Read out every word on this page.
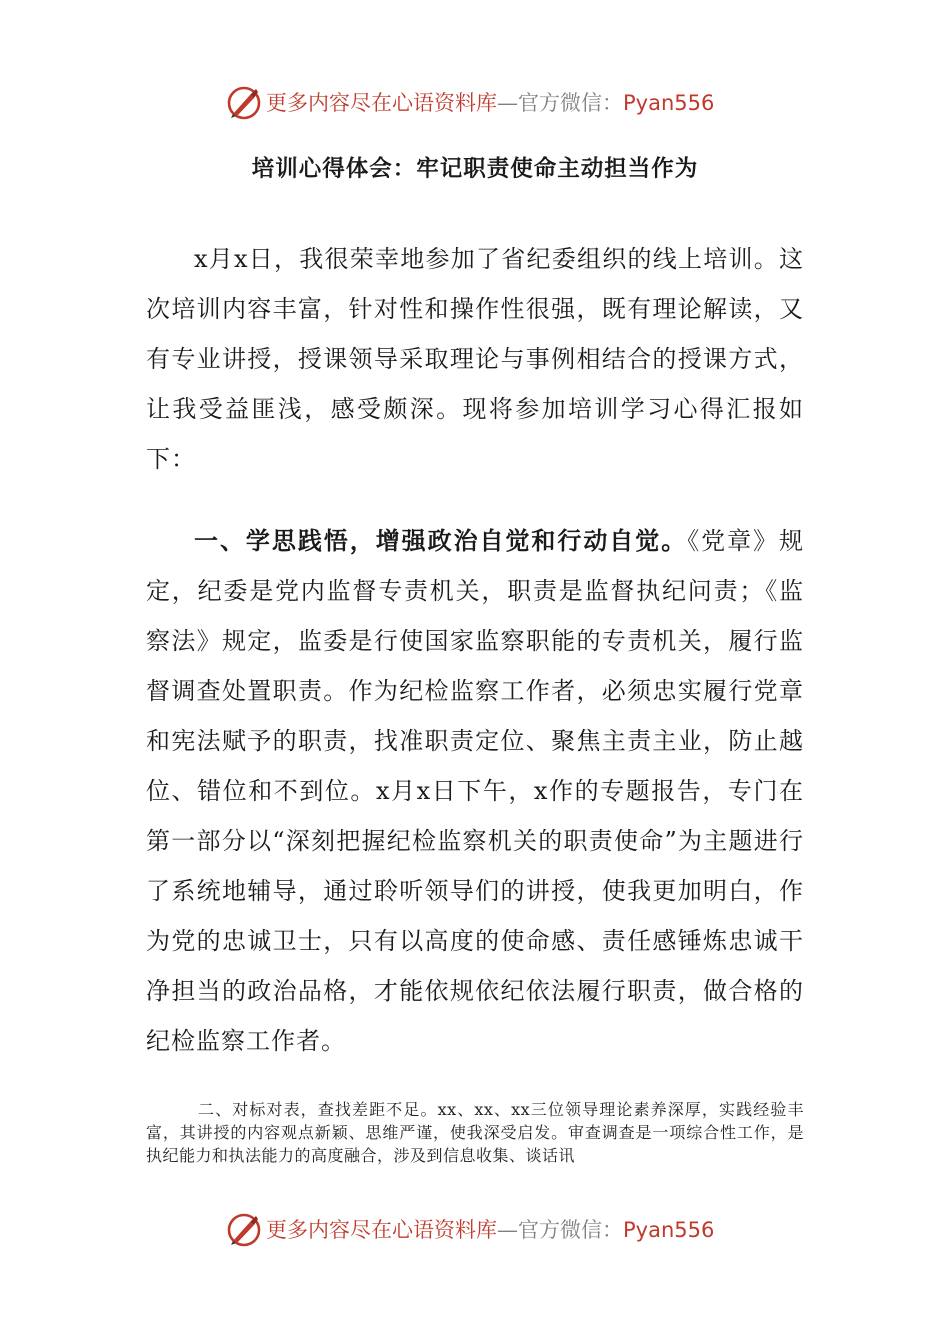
更多内容尽在心语资料库—官方微信：Pyan556
培训心得体会：牢记职责使命主动担当作为

x月x日，我很荣幸地参加了省纪委组织的线上培训。这次培训内容丰富，针对性和操作性很强，既有理论解读，又有专业讲授，授课领导采取理论与事例相结合的授课方式，让我受益匪浅，感受颇深。现将参加培训学习心得汇报如下：

一、学思践悟，增强政治自觉和行动自觉。《党章》规定，纪委是党内监督专责机关，职责是监督执纪问责；《监察法》规定，监委是行使国家监察职能的专责机关，履行监督调查处置职责。作为纪检监察工作者，必须忠实履行党章和宪法赋予的职责，找准职责定位、聚焦主责主业，防止越位、错位和不到位。x月x日下午，x作的专题报告，专门在第一部分以“深刻把握纪检监察机关的职责使命”为主题进行了系统地辅导，通过聆听领导们的讲授，使我更加明白，作为党的忠诚卫士，只有以高度的使命感、责任感锤炼忠诚干净担当的政治品格，才能依规依纪依法履行职责，做合格的纪检监察工作者。

二、对标对表，查找差距不足。xx、xx、xx三位领导理论素养深厚，实践经验丰富，其讲授的内容观点新颖、思维严谨，使我深受启发。审查调查是一项综合性工作，是执纪能力和执法能力的高度融合，涉及到信息收集、谈话讯

更多内容尽在心语资料库—官方微信：Pyan556
